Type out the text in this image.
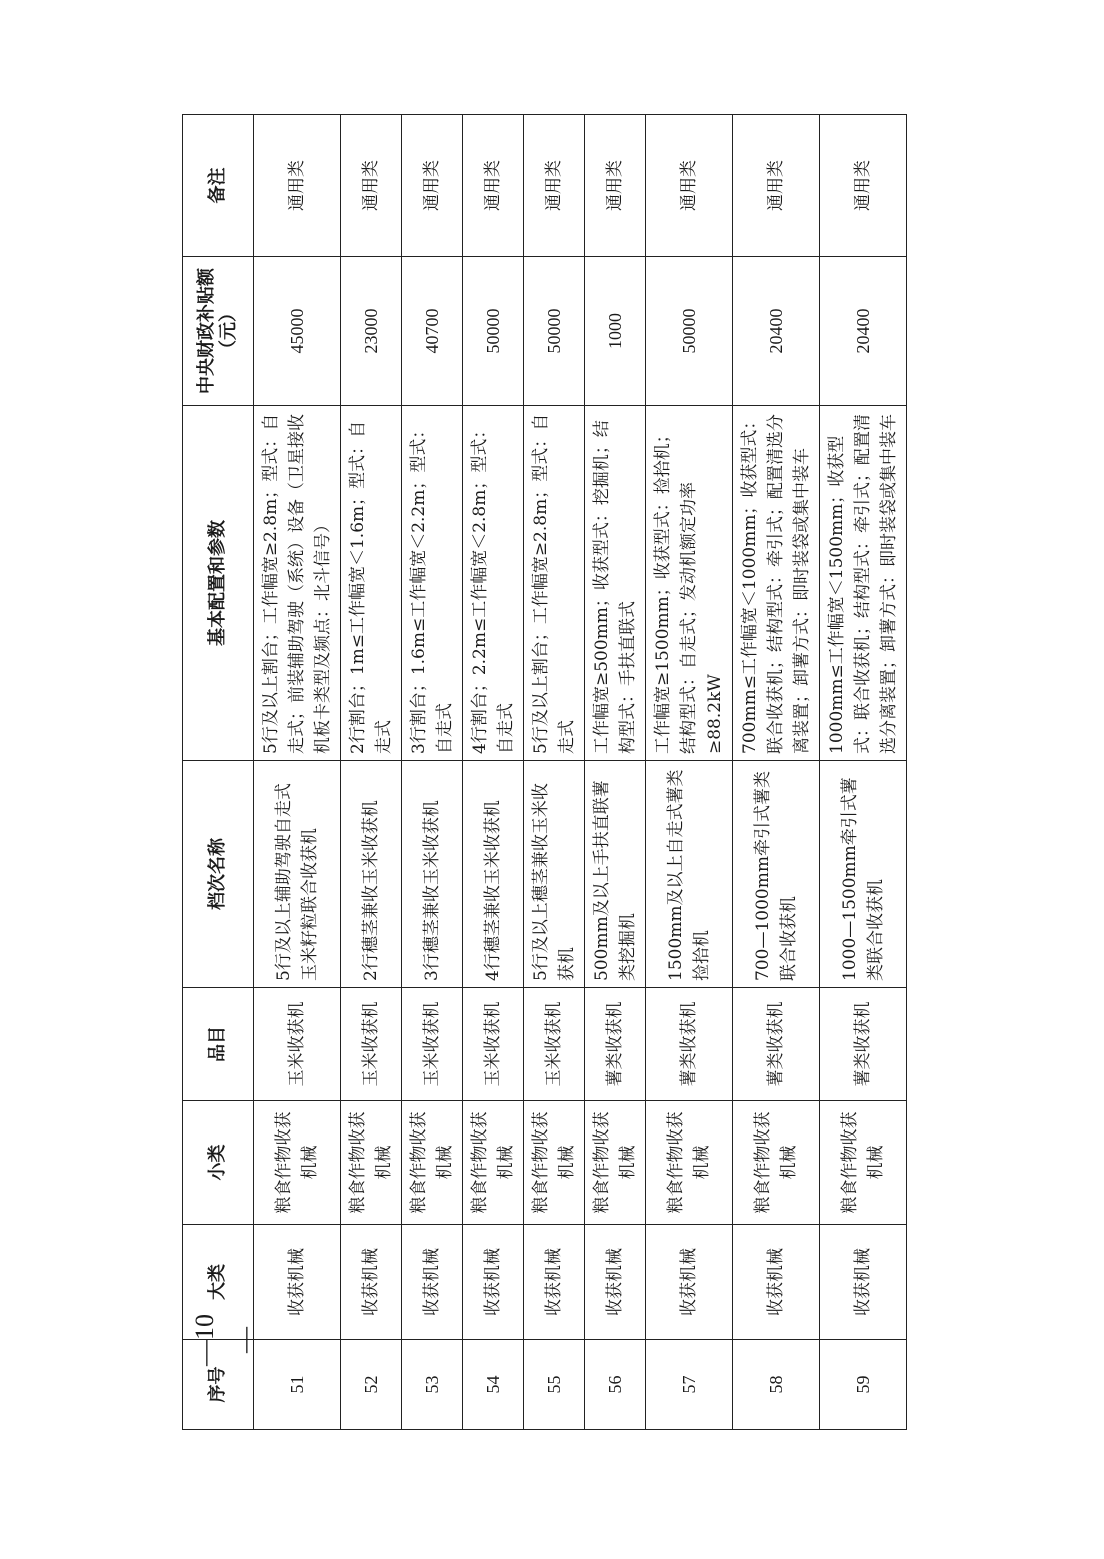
序号	大类	小类	品目	档次名称	基本配置和参数	中央财政补贴额（元）	备注
51	收获机械	粮食作物收获机械	玉米收获机	5行及以上辅助驾驶自走式玉米籽粒联合收获机	5行及以上割台；工作幅宽≥2.8m；型式：自走式；前装辅助驾驶（系统）设备（卫星接收机板卡类型及频点：北斗信号）	45000	通用类
52	收获机械	粮食作物收获机械	玉米收获机	2行穗茎兼收玉米收获机	2行割台；1m≤工作幅宽＜1.6m；型式：自走式	23000	通用类
53	收获机械	粮食作物收获机械	玉米收获机	3行穗茎兼收玉米收获机	3行割台；1.6m≤工作幅宽＜2.2m；型式：自走式	40700	通用类
54	收获机械	粮食作物收获机械	玉米收获机	4行穗茎兼收玉米收获机	4行割台；2.2m≤工作幅宽＜2.8m；型式：自走式	50000	通用类
55	收获机械	粮食作物收获机械	玉米收获机	5行及以上穗茎兼收玉米收获机	5行及以上割台；工作幅宽≥2.8m；型式：自走式	50000	通用类
56	收获机械	粮食作物收获机械	薯类收获机	500mm及以上手扶直联薯类挖掘机	工作幅宽≥500mm；收获型式：挖掘机；结构型式：手扶直联式	1000	通用类
57	收获机械	粮食作物收获机械	薯类收获机	1500mm及以上自走式薯类捡拾机	工作幅宽≥1500mm；收获型式：捡拾机；结构型式：自走式；发动机额定功率≥88.2kW	50000	通用类
58	收获机械	粮食作物收获机械	薯类收获机	700—1000mm牵引式薯类联合收获机	700mm≤工作幅宽＜1000mm；收获型式：联合收获机；结构型式：牵引式；配置清选分离装置；卸薯方式：即时装袋或集中装车	20400	通用类
59	收获机械	粮食作物收获机械	薯类收获机	1000—1500mm牵引式薯类联合收获机	1000mm≤工作幅宽＜1500mm；收获型式：联合收获机；结构型式：牵引式；配置清选分离装置；卸薯方式：即时装袋或集中装车	20400	通用类
—10—
